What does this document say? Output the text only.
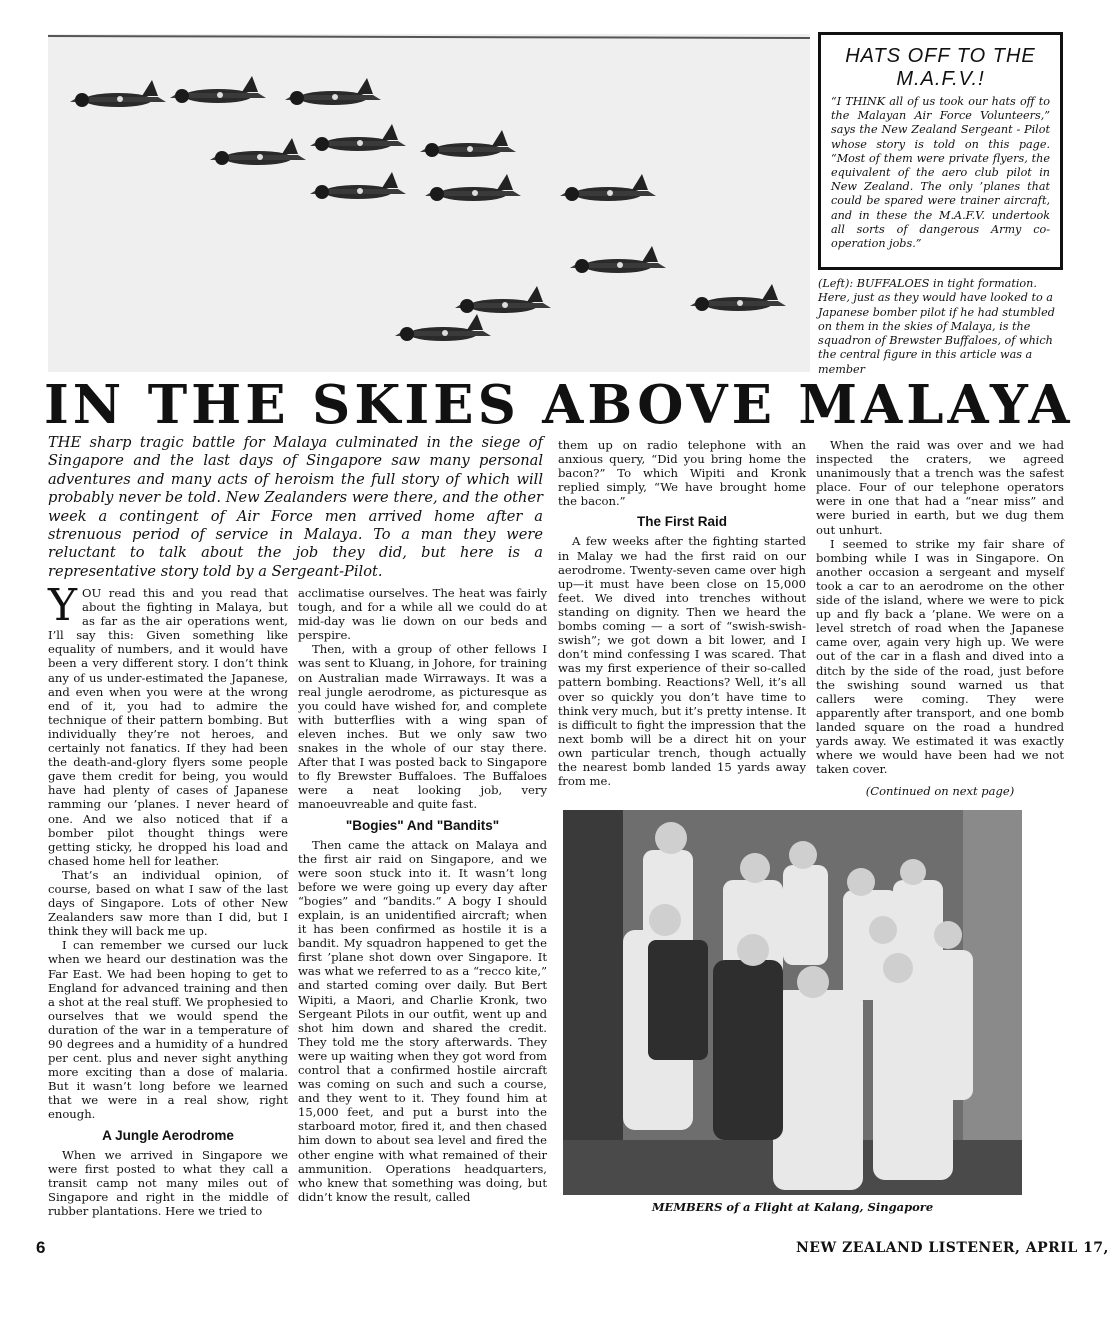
HATS OFF TO THE
M.A.F.V.!
“I THINK all of us took our hats off to the Malayan Air Force Volunteers,” says the New Zealand Sergeant - Pilot whose story is told on this page. “Most of them were private flyers, the equivalent of the aero club pilot in New Zealand. The only ’planes that could be spared were trainer aircraft, and in these the M.A.F.V. undertook all sorts of dangerous Army co-operation jobs.”
(Left): BUFFALOES in tight formation. Here, just as they would have looked to a Japanese bomber pilot if he had stumbled on them in the skies of Malaya, is the squadron of Brewster Buffaloes, of which the central figure in this article was a member
IN THE SKIES ABOVE MALAYA
THE sharp tragic battle for Malaya culminated in the siege of Singapore and the last days of Singapore saw many personal adventures and many acts of heroism the full story of which will probably never be told. New Zealanders were there, and the other week a contingent of Air Force men arrived home after a strenuous period of service in Malaya. To a man they were reluctant to talk about the job they did, but here is a representative story told by a Sergeant-Pilot.

YOU read this and you read that about the fighting in Malaya, but as far as the air operations went, I’ll say this: Given something like equality of numbers, and it would have been a very different story. I don’t think any of us under-estimated the Japanese, and even when you were at the wrong end of it, you had to admire the technique of their pattern bombing. But individually they’re not heroes, and certainly not fanatics. If they had been the death-and-glory flyers some people gave them credit for being, you would have had plenty of cases of Japanese ramming our ’planes. I never heard of one. And we also noticed that if a bomber pilot thought things were getting sticky, he dropped his load and chased home hell for leather.

That’s an individual opinion, of course, based on what I saw of the last days of Singapore. Lots of other New Zealanders saw more than I did, but I think they will back me up.

I can remember we cursed our luck when we heard our destination was the Far East. We had been hoping to get to England for advanced training and then a shot at the real stuff. We prophesied to ourselves that we would spend the duration of the war in a temperature of 90 degrees and a humidity of a hundred per cent. plus and never sight anything more exciting than a dose of malaria. But it wasn’t long before we learned that we were in a real show, right enough.

A Jungle Aerodrome

When we arrived in Singapore we were first posted to what they call a transit camp not many miles out of Singapore and right in the middle of rubber plantations. Here we tried to

acclimatise ourselves. The heat was fairly tough, and for a while all we could do at mid-day was lie down on our beds and perspire.

Then, with a group of other fellows I was sent to Kluang, in Johore, for training on Australian made Wirraways. It was a real jungle aerodrome, as picturesque as you could have wished for, and complete with butterflies with a wing span of eleven inches. But we only saw two snakes in the whole of our stay there. After that I was posted back to Singapore to fly Brewster Buffaloes. The Buffaloes were a neat looking job, very manoeuvreable and quite fast.

"Bogies" And "Bandits"

Then came the attack on Malaya and the first air raid on Singapore, and we were soon stuck into it. It wasn’t long before we were going up every day after “bogies” and “bandits.” A bogy I should explain, is an unidentified aircraft; when it has been confirmed as hostile it is a bandit. My squadron happened to get the first ’plane shot down over Singapore. It was what we referred to as a “recco kite,” and started coming over daily. But Bert Wipiti, a Maori, and Charlie Kronk, two Sergeant Pilots in our outfit, went up and shot him down and shared the credit. They told me the story afterwards. They were up waiting when they got word from control that a confirmed hostile aircraft was coming on such and such a course, and they went to it. They found him at 15,000 feet, and put a burst into the starboard motor, fired it, and then chased him down to about sea level and fired the other engine with what remained of their ammunition. Operations headquarters, who knew that something was doing, but didn’t know the result, called

them up on radio telephone with an anxious query, “Did you bring home the bacon?” To which Wipiti and Kronk replied simply, “We have brought home the bacon.”

The First Raid

A few weeks after the fighting started in Malay we had the first raid on our aerodrome. Twenty-seven came over high up—it must have been close on 15,000 feet. We dived into trenches without standing on dignity. Then we heard the bombs coming — a sort of “swish-swish-swish”; we got down a bit lower, and I don’t mind confessing I was scared. That was my first experience of their so-called pattern bombing. Reactions? Well, it’s all over so quickly you don’t have time to think very much, but it’s pretty intense. It is difficult to fight the impression that the next bomb will be a direct hit on your own particular trench, though actually the nearest bomb landed 15 yards away from me.

When the raid was over and we had inspected the craters, we agreed unanimously that a trench was the safest place. Four of our telephone operators were in one that had a “near miss” and were buried in earth, but we dug them out unhurt.

I seemed to strike my fair share of bombing while I was in Singapore. On another occasion a sergeant and myself took a car to an aerodrome on the other side of the island, where we were to pick up and fly back a ’plane. We were on a level stretch of road when the Japanese came over, again very high up. We were out of the car in a flash and dived into a ditch by the side of the road, just before the swishing sound warned us that callers were coming. They were apparently after transport, and one bomb landed square on the road a hundred yards away. We estimated it was exactly where we would have been had we not taken cover.

(Continued on next page)
MEMBERS of a Flight at Kalang, Singapore
6	NEW ZEALAND LISTENER, APRIL 17,
